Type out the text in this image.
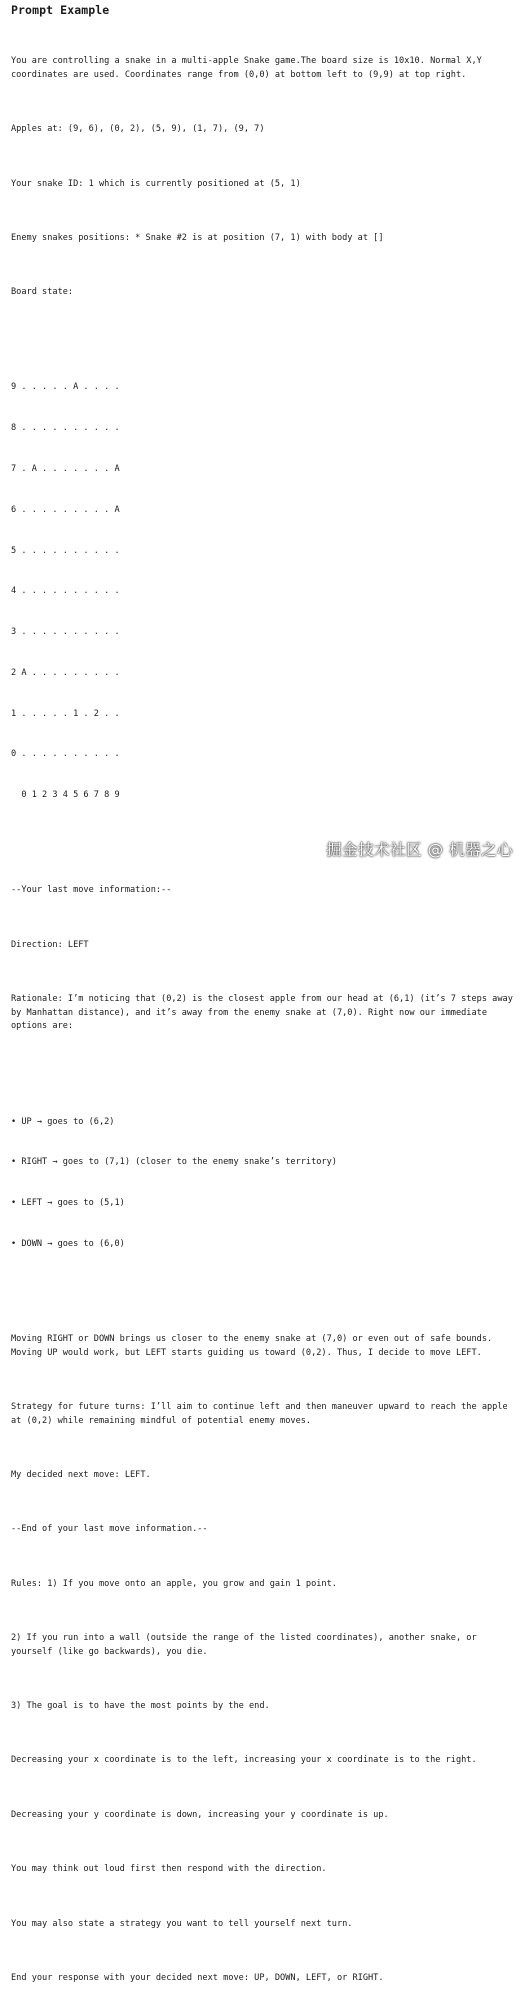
Prompt Example

You are controlling a snake in a multi-apple Snake game.The board size is 10x10. Normal X,Y coordinates are used. Coordinates range from (0,0) at bottom left to (9,9) at top right.

Apples at: (9, 6), (0, 2), (5, 9), (1, 7), (9, 7)

Your snake ID: 1 which is currently positioned at (5, 1)

Enemy snakes positions: * Snake #2 is at position (7, 1) with body at []

Board state:

9 . . . . . A . . . .

8 . . . . . . . . . .

7 . A . . . . . . . A

6 . . . . . . . . . A

5 . . . . . . . . . .

4 . . . . . . . . . .

3 . . . . . . . . . .

2 A . . . . . . . . .

1 . . . . . 1 . 2 . .

0 . . . . . . . . . .

0 1 2 3 4 5 6 7 8 9

--Your last move information:--

Direction: LEFT

Rationale: I’m noticing that (0,2) is the closest apple from our head at (6,1) (it’s 7 steps away by Manhattan distance), and it’s away from the enemy snake at (7,0). Right now our immediate options are:

• UP → goes to (6,2)

• RIGHT → goes to (7,1) (closer to the enemy snake’s territory)

• LEFT → goes to (5,1)

• DOWN → goes to (6,0)

Moving RIGHT or DOWN brings us closer to the enemy snake at (7,0) or even out of safe bounds. Moving UP would work, but LEFT starts guiding us toward (0,2). Thus, I decide to move LEFT.

Strategy for future turns: I’ll aim to continue left and then maneuver upward to reach the apple at (0,2) while remaining mindful of potential enemy moves.

My decided next move: LEFT.

--End of your last move information.--

Rules: 1) If you move onto an apple, you grow and gain 1 point.

2) If you run into a wall (outside the range of the listed coordinates), another snake, or yourself (like go backwards), you die.

3) The goal is to have the most points by the end.

Decreasing your x coordinate is to the left, increasing your x coordinate is to the right.

Decreasing your y coordinate is down, increasing your y coordinate is up.

You may think out loud first then respond with the direction.

You may also state a strategy you want to tell yourself next turn.

End your response with your decided next move: UP, DOWN, LEFT, or RIGHT.

掘金技术社区 @ 机器之心
